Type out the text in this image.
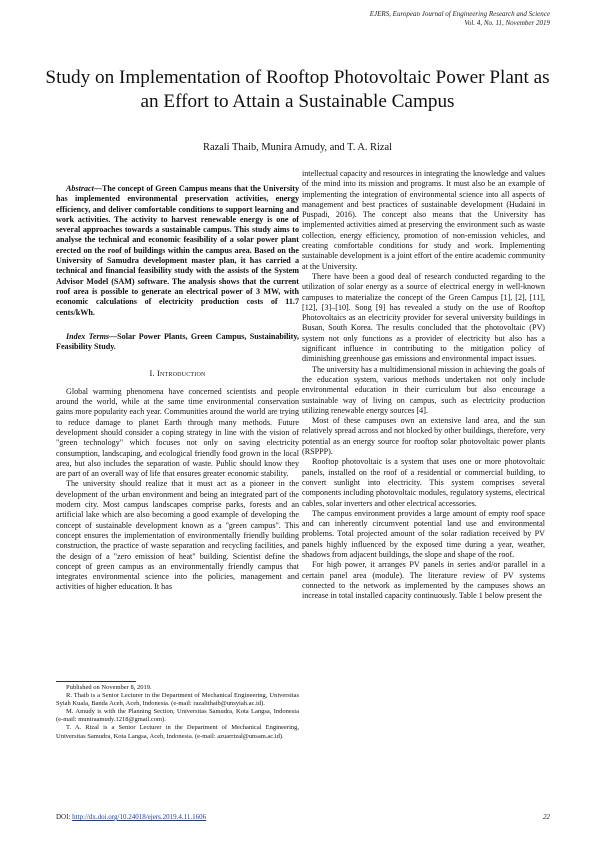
EJERS, European Journal of Engineering Research and Science
Vol. 4, No. 11, November 2019
Study on Implementation of Rooftop Photovoltaic Power Plant as an Effort to Attain a Sustainable Campus
Razali Thaib, Munira Amudy, and T. A. Rizal

Abstract—The concept of Green Campus means that the University has implemented environmental preservation activities, energy efficiency, and deliver comfortable conditions to support learning and work activities. The activity to harvest renewable energy is one of several approaches towards a sustainable campus. This study aims to analyse the technical and economic feasibility of a solar power plant erected on the roof of buildings within the campus area. Based on the University of Samudra development master plan, it has carried a technical and financial feasibility study with the assists of the System Advisor Model (SAM) software. The analysis shows that the current roof area is possible to generate an electrical power of 3 MW, with economic calculations of electricity production costs of 11.7 cents/kWh.

Index Terms—Solar Power Plants, Green Campus, Sustainability, Feasibility Study.

I. Introduction

Global warming phenomena have concerned scientists and people around the world, while at the same time environmental conservation gains more popularity each year. Communities around the world are trying to reduce damage to planet Earth through many methods. Future development should consider a coping strategy in line with the vision of "green technology" which focuses not only on saving electricity consumption, landscaping, and ecological friendly food grown in the local area, but also includes the separation of waste. Public should know they are part of an overall way of life that ensures greater economic stability.

The university should realize that it must act as a pioneer in the development of the urban environment and being an integrated part of the modern city. Most campus landscapes comprise parks, forests and an artificial lake which are also becoming a good example of developing the concept of sustainable development known as a "green campus". This concept ensures the implementation of environmentally friendly building construction, the practice of waste separation and recycling facilities, and the design of a "zero emission of heat" building. Scientist define the concept of green campus as an environmentally friendly campus that integrates environmental science into the policies, management and activities of higher education. It has

intellectual capacity and resources in integrating the knowledge and values of the mind into its mission and programs. It must also be an example of implementing the integration of environmental science into all aspects of management and best practices of sustainable development (Hudaini in Puspadi, 2016). The concept also means that the University has implemented activities aimed at preserving the environment such as waste collection, energy efficiency, promotion of non-emission vehicles, and creating comfortable conditions for study and work. Implementing sustainable development is a joint effort of the entire academic community at the University.

There have been a good deal of research conducted regarding to the utilization of solar energy as a source of electrical energy in well-known campuses to materialize the concept of the Green Campus [1], [2], [11], [12], [3]–[10]. Song [9] has revealed a study on the use of Rooftop Photovoltaics as an electricity provider for several university buildings in Busan, South Korea. The results concluded that the photovoltaic (PV) system not only functions as a provider of electricity but also has a significant influence in contributing to the mitigation policy of diminishing greenhouse gas emissions and environmental impact issues.

The university has a multidimensional mission in achieving the goals of the education system, various methods undertaken not only include environmental education in their curriculum but also encourage a sustainable way of living on campus, such as electricity production utilizing renewable energy sources [4].

Most of these campuses own an extensive land area, and the sun relatively spread across and not blocked by other buildings, therefore, very potential as an energy source for rooftop solar photovoltaic power plants (RSPPP).

Rooftop photovoltaic is a system that uses one or more photovoltaic panels, installed on the roof of a residential or commercial building, to convert sunlight into electricity. This system comprises several components including photovoltaic modules, regulatory systems, electrical cables, solar inverters and other electrical accessories.

The campus environment provides a large amount of empty roof space and can inherently circumvent potential land use and environmental problems. Total projected amount of the solar radiation received by PV panels highly influenced by the exposed time during a year, weather, shadows from adjacent buildings, the slope and shape of the roof.

For high power, it arranges PV panels in series and/or parallel in a certain panel area (module). The literature review of PV systems connected to the network as implemented by the campuses shows an increase in total installed capacity continuously. Table 1 below present the

Published on November 8, 2019.

R. Thaib is a Senior Lecturer in the Department of Mechanical Engineering, Universitas Syiah Kuala, Banda Aceh, Aceh, Indonesia. (e-mail: razalithaib@unsyiah.ac.id).

M. Amudy is with the Planning Section, Universitas Samudra, Kota Langsa, Indonesia (e-mail: muniraamudy.1218@gmail.com).

T. A. Rizal is a Senior Lecturer in the Department of Mechanical Engineering, Universitas Samudra, Kota Langsa, Aceh, Indonesia. (e-mail: azuarrizal@unsam.ac.id).

DOI: http://dx.doi.org/10.24018/ejers.2019.4.11.1606	22
